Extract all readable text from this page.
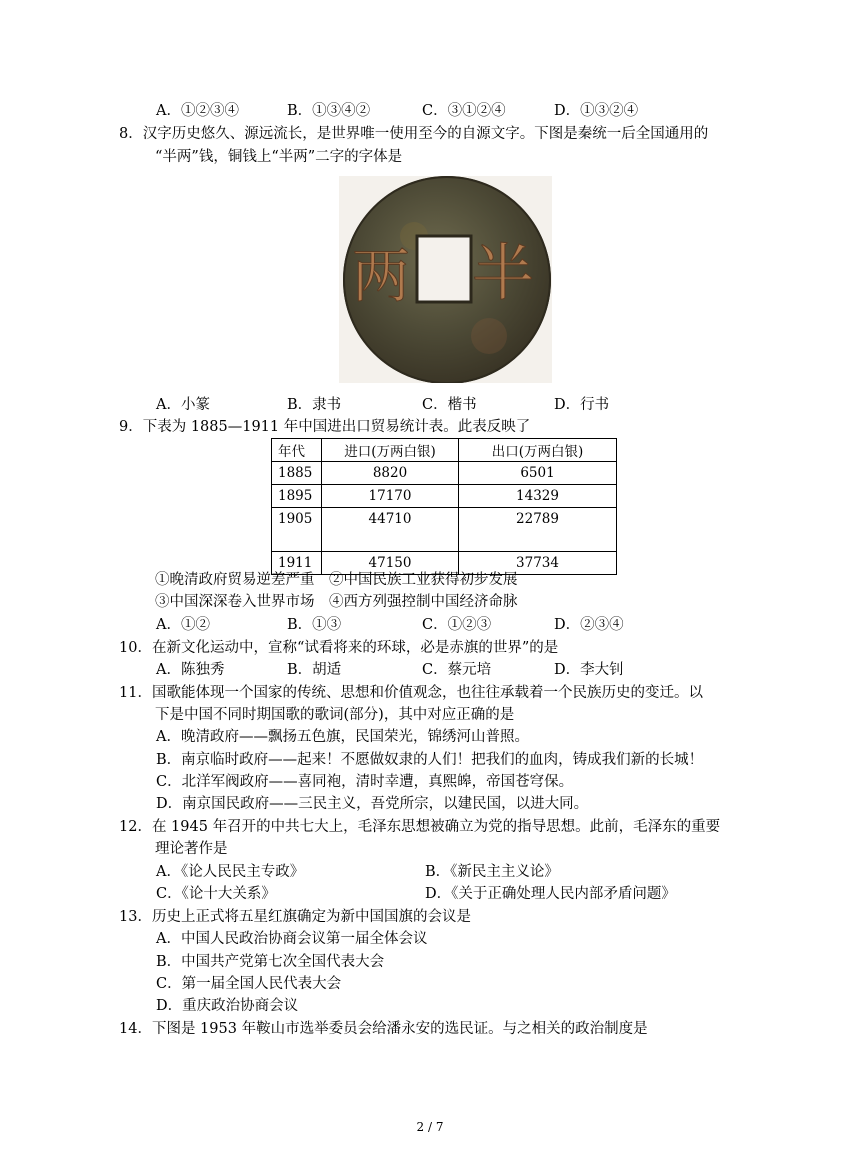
A．①②③④	B．①③④②	C．③①②④	D．①③②④
8．汉字历史悠久、源远流长，是世界唯一使用至今的自源文字。下图是秦统一后全国通用的
“半两”钱，铜钱上“半两”二字的字体是
半
两
A．小篆	B．隶书	C．楷书	D．行书
9．下表为 1885—1911 年中国进出口贸易统计表。此表反映了
年代	进口(万两白银)	出口(万两白银)
1885	8820	6501
1895	17170	14329
1905	44710	22789
1911	47150	37734
①晚清政府贸易逆差严重　②中国民族工业获得初步发展
③中国深深卷入世界市场　④西方列强控制中国经济命脉
A．①②	B．①③	C．①②③	D．②③④
10．在新文化运动中，宣称“试看将来的环球，必是赤旗的世界”的是
A．陈独秀	B．胡适	C．蔡元培	D．李大钊
11．国歌能体现一个国家的传统、思想和价值观念，也往往承载着一个民族历史的变迁。以
下是中国不同时期国歌的歌词(部分)，其中对应正确的是
A．晚清政府——飘扬五色旗，民国荣光，锦绣河山普照。
B．南京临时政府——起来！不愿做奴隶的人们！把我们的血肉，铸成我们新的长城！
C．北洋军阀政府——喜同袍，清时幸遭，真熙皞，帝国苍穹保。
D．南京国民政府——三民主义，吾党所宗，以建民国，以进大同。
12．在 1945 年召开的中共七大上，毛泽东思想被确立为党的指导思想。此前，毛泽东的重要
理论著作是
A．《论人民民主专政》	B．《新民主主义论》
C．《论十大关系》	D．《关于正确处理人民内部矛盾问题》
13．历史上正式将五星红旗确定为新中国国旗的会议是
A．中国人民政治协商会议第一届全体会议
B．中国共产党第七次全国代表大会
C．第一届全国人民代表大会
D．重庆政治协商会议
14．下图是 1953 年鞍山市选举委员会给潘永安的选民证。与之相关的政治制度是
2 / 7
